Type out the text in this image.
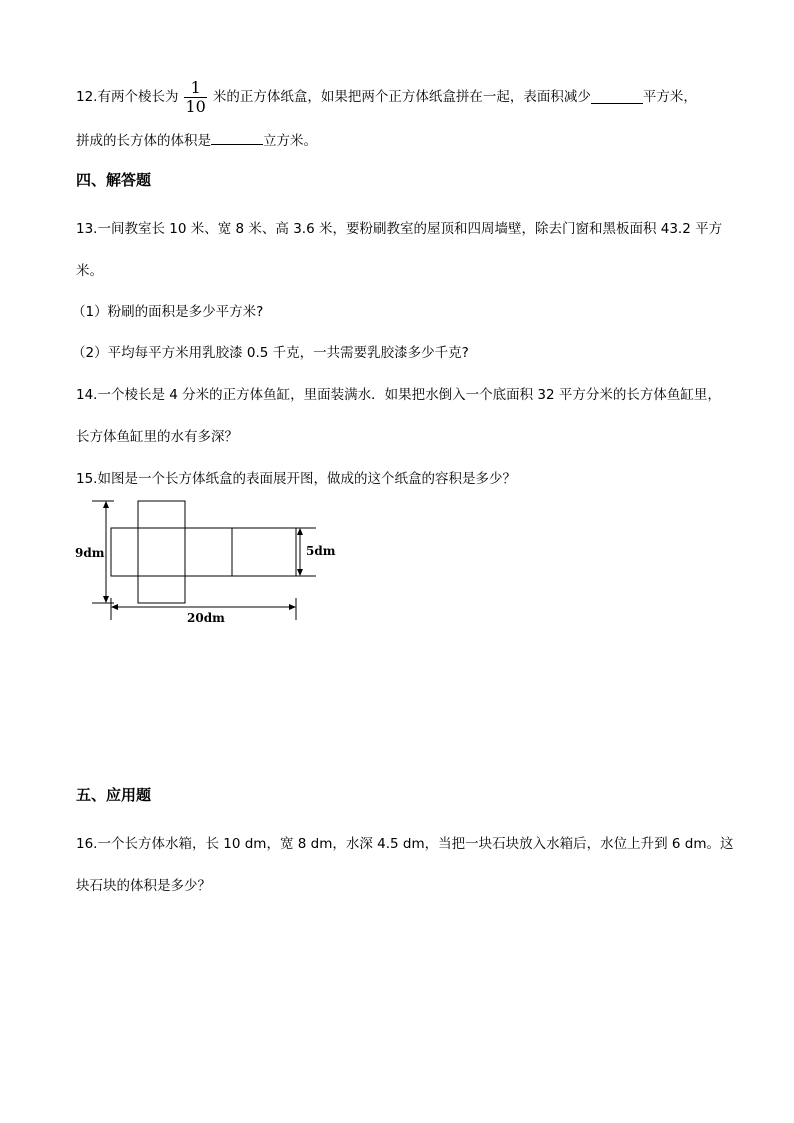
12.有两个棱长为 $\frac{1}{10}$ 米的正方体纸盒，如果把两个正方体纸盒拼在一起，表面积减少	平方米，
拼成的长方体的体积是	立方米。
四、解答题
13.一间教室长 10 米、宽 8 米、高 3.6 米，要粉刷教室的屋顶和四周墙壁，除去门窗和黑板面积 43.2 平方
米。
（1）粉刷的面积是多少平方米?
（2）平均每平方米用乳胶漆 0.5 千克，一共需要乳胶漆多少千克?
14.一个棱长是 4 分米的正方体鱼缸，里面装满水．如果把水倒入一个底面积 32 平方分米的长方体鱼缸里，
长方体鱼缸里的水有多深？
15.如图是一个长方体纸盒的表面展开图，做成的这个纸盒的容积是多少？
9dm
20dm
5dm
五、应用题
16.一个长方体水箱，长 10 dm，宽 8 dm，水深 4.5 dm，当把一块石块放入水箱后，水位上升到 6 dm。这
块石块的体积是多少？
